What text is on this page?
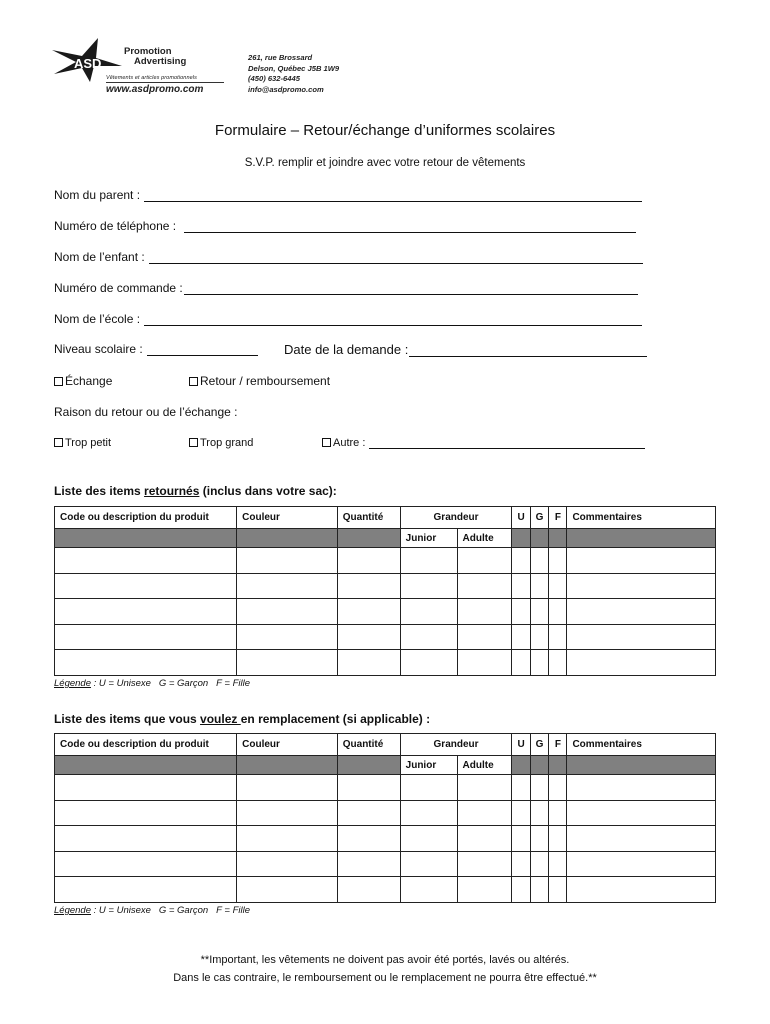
ASD
Promotion
Advertising
Vêtements et articles promotionnels
www.asdpromo.com
261, rue Brossard
Delson, Québec J5B 1W9
(450) 632-6445
info@asdpromo.com
Formulaire – Retour/échange d’uniformes scolaires
S.V.P. remplir et joindre avec votre retour de vêtements
Nom du parent :
Numéro de téléphone :
Nom de l’enfant :
Numéro de commande :
Nom de l’école :
Niveau scolaire :	Date de la demande :
Échange	Retour / remboursement
Raison du retour ou de l’échange :
Trop petit	Trop grand	Autre :
Liste des items retournés (inclus dans votre sac):
Code ou description du produit	Couleur	Quantité	Grandeur		U	G	F	Commentaires
			Junior	Adulte				

Légende : U = Unisexe   G = Garçon   F = Fille
Liste des items que vous voulez en remplacement (si applicable) :
Code ou description du produit	Couleur	Quantité	Grandeur		U	G	F	Commentaires
			Junior	Adulte				

Légende : U = Unisexe   G = Garçon   F = Fille
**Important, les vêtements ne doivent pas avoir été portés, lavés ou altérés.
Dans le cas contraire, le remboursement ou le remplacement ne pourra être effectué.**
